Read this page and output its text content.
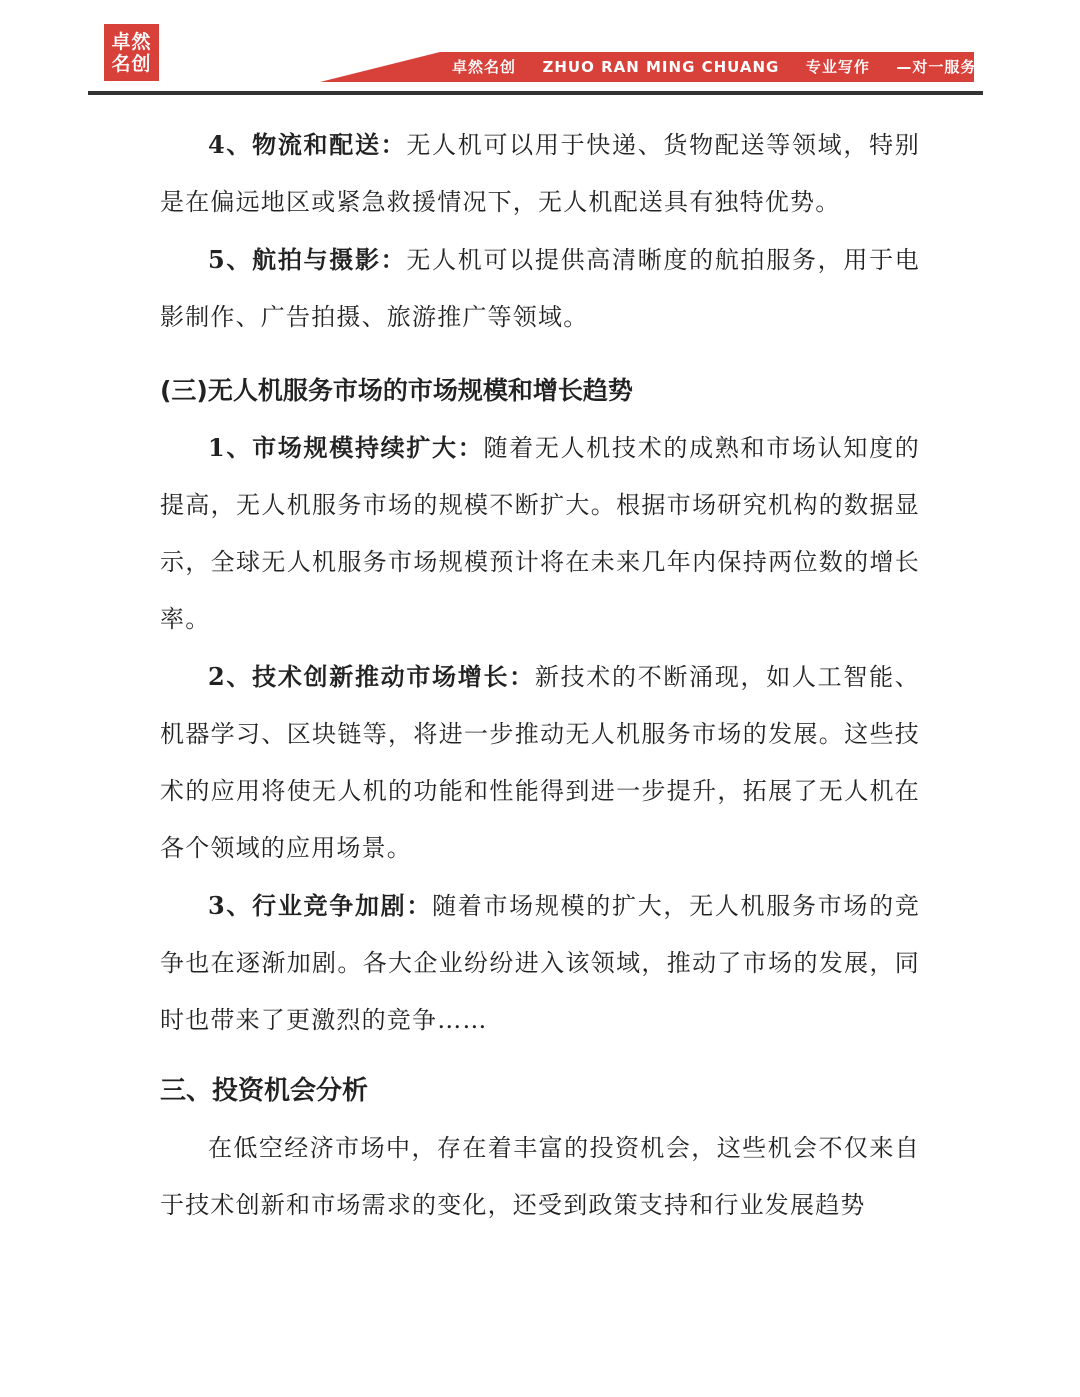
卓然
名创	卓然名创 ZHUO RAN MING CHUANG 专业写作 —对一服务

4、物流和配送：无人机可以用于快递、货物配送等领域，特别是在偏远地区或紧急救援情况下，无人机配送具有独特优势。

5、航拍与摄影：无人机可以提供高清晰度的航拍服务，用于电影制作、广告拍摄、旅游推广等领域。

(三)无人机服务市场的市场规模和增长趋势

1、市场规模持续扩大：随着无人机技术的成熟和市场认知度的提高，无人机服务市场的规模不断扩大。根据市场研究机构的数据显示，全球无人机服务市场规模预计将在未来几年内保持两位数的增长率。

2、技术创新推动市场增长：新技术的不断涌现，如人工智能、机器学习、区块链等，将进一步推动无人机服务市场的发展。这些技术的应用将使无人机的功能和性能得到进一步提升，拓展了无人机在各个领域的应用场景。

3、行业竞争加剧：随着市场规模的扩大，无人机服务市场的竞争也在逐渐加剧。各大企业纷纷进入该领域，推动了市场的发展，同时也带来了更激烈的竞争……

三、投资机会分析

在低空经济市场中，存在着丰富的投资机会，这些机会不仅来自于技术创新和市场需求的变化，还受到政策支持和行业发展趋势
